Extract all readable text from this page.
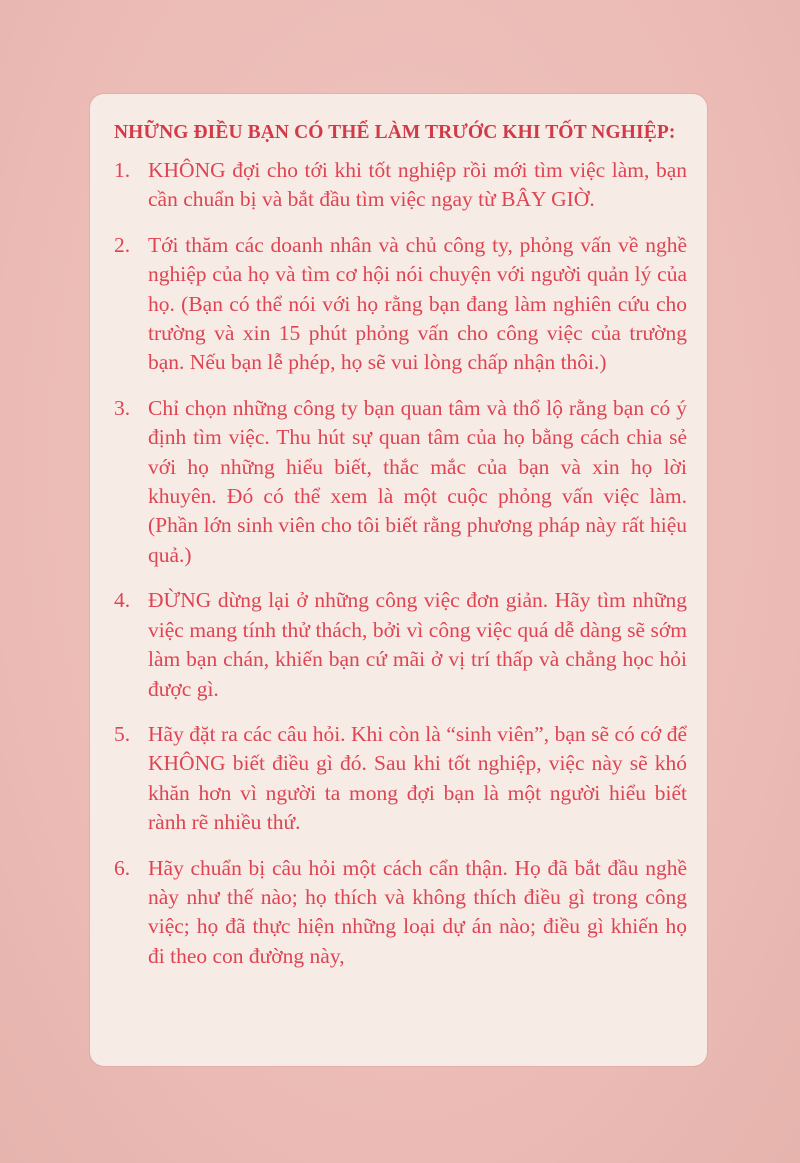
NHỮNG ĐIỀU BẠN CÓ THỂ LÀM TRƯỚC KHI TỐT NGHIỆP:
1. KHÔNG đợi cho tới khi tốt nghiệp rồi mới tìm việc làm, bạn cần chuẩn bị và bắt đầu tìm việc ngay từ BÂY GIỜ.
2. Tới thăm các doanh nhân và chủ công ty, phỏng vấn về nghề nghiệp của họ và tìm cơ hội nói chuyện với người quản lý của họ. (Bạn có thể nói với họ rằng bạn đang làm nghiên cứu cho trường và xin 15 phút phỏng vấn cho công việc của trường bạn. Nếu bạn lễ phép, họ sẽ vui lòng chấp nhận thôi.)
3. Chỉ chọn những công ty bạn quan tâm và thổ lộ rằng bạn có ý định tìm việc. Thu hút sự quan tâm của họ bằng cách chia sẻ với họ những hiểu biết, thắc mắc của bạn và xin họ lời khuyên. Đó có thể xem là một cuộc phỏng vấn việc làm. (Phần lớn sinh viên cho tôi biết rằng phương pháp này rất hiệu quả.)
4. ĐỪNG dừng lại ở những công việc đơn giản. Hãy tìm những việc mang tính thử thách, bởi vì công việc quá dễ dàng sẽ sớm làm bạn chán, khiến bạn cứ mãi ở vị trí thấp và chẳng học hỏi được gì.
5. Hãy đặt ra các câu hỏi. Khi còn là “sinh viên”, bạn sẽ có cớ để KHÔNG biết điều gì đó. Sau khi tốt nghiệp, việc này sẽ khó khăn hơn vì người ta mong đợi bạn là một người hiểu biết rành rẽ nhiều thứ.
6. Hãy chuẩn bị câu hỏi một cách cẩn thận. Họ đã bắt đầu nghề này như thế nào; họ thích và không thích điều gì trong công việc; họ đã thực hiện những loại dự án nào; điều gì khiến họ đi theo con đường này,
